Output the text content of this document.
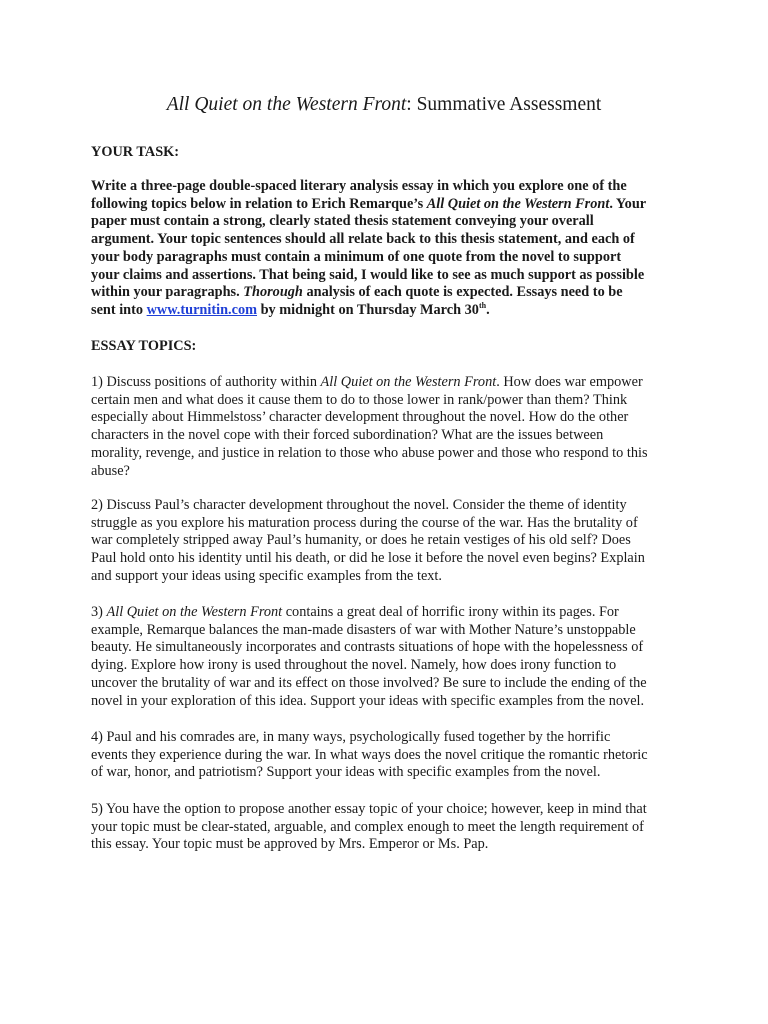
All Quiet on the Western Front: Summative Assessment
YOUR TASK:
Write a three-page double-spaced literary analysis essay in which you explore one of the
following topics below in relation to Erich Remarque’s All Quiet on the Western Front. Your
paper must contain a strong, clearly stated thesis statement conveying your overall
argument. Your topic sentences should all relate back to this thesis statement, and each of
your body paragraphs must contain a minimum of one quote from the novel to support
your claims and assertions. That being said, I would like to see as much support as possible
within your paragraphs. Thorough analysis of each quote is expected. Essays need to be
sent into www.turnitin.com by midnight on Thursday March 30th.
ESSAY TOPICS:
1) Discuss positions of authority within All Quiet on the Western Front. How does war empower
certain men and what does it cause them to do to those lower in rank/power than them? Think
especially about Himmelstoss’ character development throughout the novel. How do the other
characters in the novel cope with their forced subordination? What are the issues between
morality, revenge, and justice in relation to those who abuse power and those who respond to this
abuse?
2) Discuss Paul’s character development throughout the novel. Consider the theme of identity
struggle as you explore his maturation process during the course of the war. Has the brutality of
war completely stripped away Paul’s humanity, or does he retain vestiges of his old self? Does
Paul hold onto his identity until his death, or did he lose it before the novel even begins? Explain
and support your ideas using specific examples from the text.
3) All Quiet on the Western Front contains a great deal of horrific irony within its pages. For
example, Remarque balances the man-made disasters of war with Mother Nature’s unstoppable
beauty. He simultaneously incorporates and contrasts situations of hope with the hopelessness of
dying. Explore how irony is used throughout the novel. Namely, how does irony function to
uncover the brutality of war and its effect on those involved? Be sure to include the ending of the
novel in your exploration of this idea. Support your ideas with specific examples from the novel.
4) Paul and his comrades are, in many ways, psychologically fused together by the horrific
events they experience during the war. In what ways does the novel critique the romantic rhetoric
of war, honor, and patriotism? Support your ideas with specific examples from the novel.
5) You have the option to propose another essay topic of your choice; however, keep in mind that
your topic must be clear-stated, arguable, and complex enough to meet the length requirement of
this essay. Your topic must be approved by Mrs. Emperor or Ms. Pap.
